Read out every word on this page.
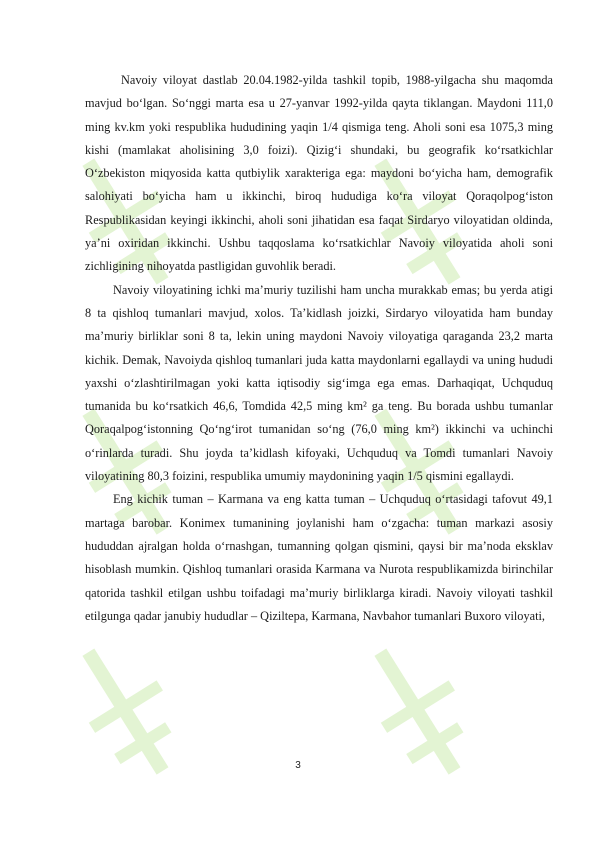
Navoiy viloyat dastlab 20.04.1982-yilda tashkil topib, 1988-yilgacha shu maqomda mavjud boʻlgan. Soʻnggi marta esa u 27-yanvar 1992-yilda qayta tiklangan. Maydoni 111,0 ming kv.km yoki respublika hududining yaqin 1/4 qismiga teng. Aholi soni esa 1075,3 ming kishi (mamlakat aholisining 3,0 foizi). Qizigʻi shundaki, bu geografik koʻrsatkichlar Oʻzbekiston miqyosida katta qutbiylik xarakteriga ega: maydoni boʻyicha ham, demografik salohiyati boʻyicha ham u ikkinchi, biroq hududiga koʻra viloyat Qoraqolpogʻiston Respublikasidan keyingi ikkinchi, aholi soni jihatidan esa faqat Sirdaryo viloyatidan oldinda, yaʼni oxiridan ikkinchi. Ushbu taqqoslama koʻrsatkichlar Navoiy viloyatida aholi soni zichligining nihoyatda pastligidan guvohlik beradi.

Navoiy viloyatining ichki maʼmuriy tuzilishi ham uncha murakkab emas; bu yerda atigi 8 ta qishloq tumanlari mavjud, xolos. Taʼkidlash joizki, Sirdaryo viloyatida ham bunday maʼmuriy birliklar soni 8 ta, lekin uning maydoni Navoiy viloyatiga qaraganda 23,2 marta kichik. Demak, Navoiyda qishloq tumanlari juda katta maydonlarni egallaydi va uning hududi yaxshi oʻzlashtirilmagan yoki katta iqtisodiy sigʻimga ega emas. Darhaqiqat, Uchquduq tumanida bu koʻrsatkich 46,6, Tomdida 42,5 ming km² ga teng. Bu borada ushbu tumanlar Qoraqalpogʻistonning Qoʻngʻirot tumanidan soʻng (76,0 ming km²) ikkinchi va uchinchi oʻrinlarda turadi. Shu joyda taʼkidlash kifoyaki, Uchquduq va Tomdi tumanlari Navoiy viloyatining 80,3 foizini, respublika umumiy maydonining yaqin 1/5 qismini egallaydi.

Eng kichik tuman – Karmana va eng katta tuman – Uchquduq oʻrtasidagi tafovut 49,1 martaga barobar. Konimex tumanining joylanishi ham oʻzgacha: tuman markazi asosiy hududdan ajralgan holda oʻrnashgan, tumanning qolgan qismini, qaysi bir maʼnoda eksklav hisoblash mumkin. Qishloq tumanlari orasida Karmana va Nurota respublikamizda birinchilar qatorida tashkil etilgan ushbu toifadagi maʼmuriy birliklarga kiradi. Navoiy viloyati tashkil etilgunga qadar janubiy hududlar – Qiziltepa, Karmana, Navbahor tumanlari Buxoro viloyati,

3
